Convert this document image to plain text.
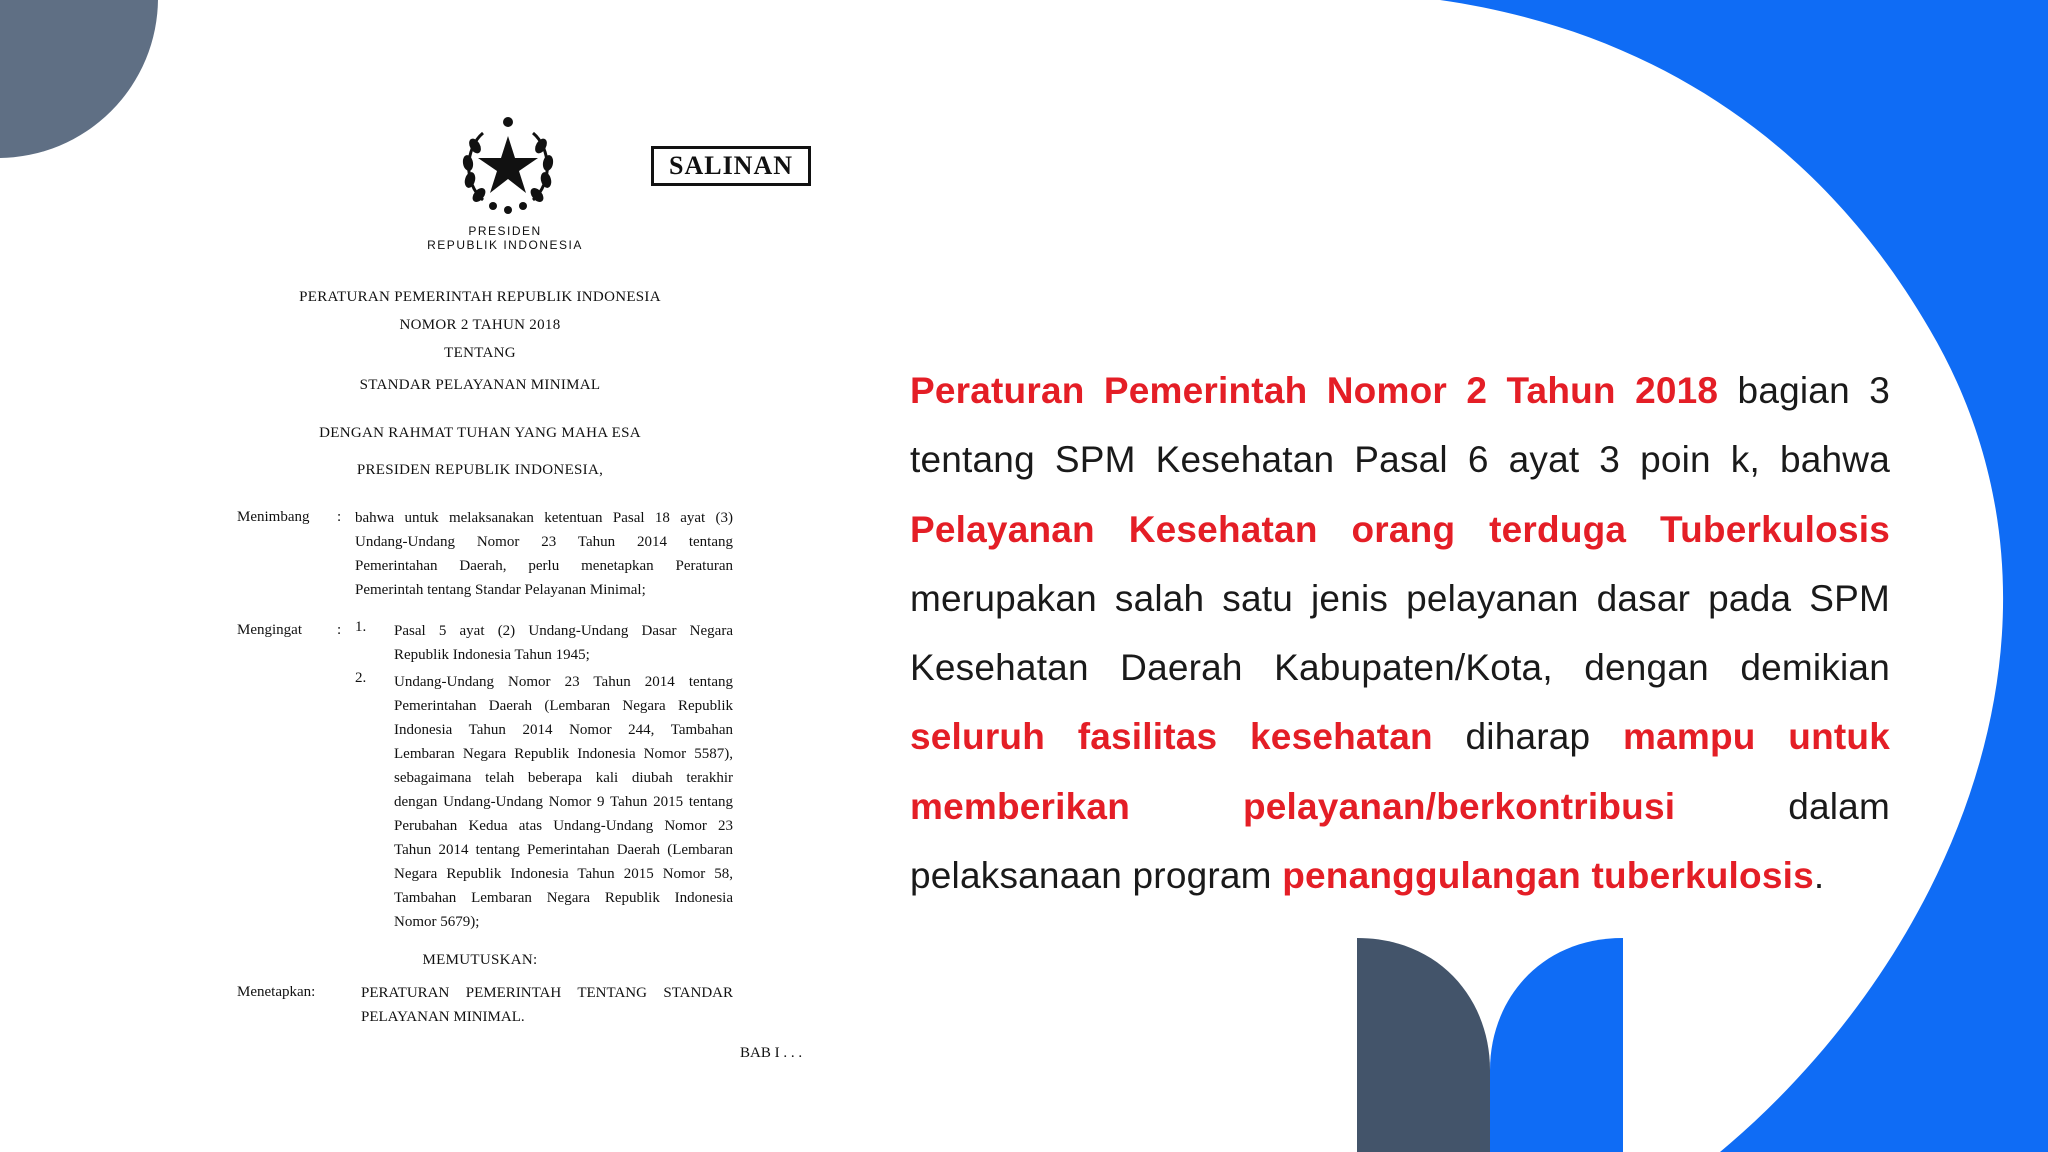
SALINAN
PRESIDEN
REPUBLIK INDONESIA
PERATURAN PEMERINTAH REPUBLIK INDONESIA
NOMOR 2 TAHUN 2018
TENTANG
STANDAR PELAYANAN MINIMAL
DENGAN RAHMAT TUHAN YANG MAHA ESA
PRESIDEN REPUBLIK INDONESIA,
Menimbang : bahwa untuk melaksanakan ketentuan Pasal 18 ayat (3)
Undang-Undang Nomor 23 Tahun 2014 tentang
Pemerintahan Daerah, perlu menetapkan Peraturan
Pemerintah tentang Standar Pelayanan Minimal;
Mengingat : 1. Pasal 5 ayat (2) Undang-Undang Dasar Negara
Republik Indonesia Tahun 1945;
2. Undang-Undang Nomor 23 Tahun 2014 tentang
Pemerintahan Daerah (Lembaran Negara Republik
Indonesia Tahun 2014 Nomor 244, Tambahan
Lembaran Negara Republik Indonesia Nomor 5587),
sebagaimana telah beberapa kali diubah terakhir
dengan Undang-Undang Nomor 9 Tahun 2015 tentang
Perubahan Kedua atas Undang-Undang Nomor 23
Tahun 2014 tentang Pemerintahan Daerah (Lembaran
Negara Republik Indonesia Tahun 2015 Nomor 58,
Tambahan Lembaran Negara Republik Indonesia
Nomor 5679);
MEMUTUSKAN:
Menetapkan:	PERATURAN PEMERINTAH TENTANG STANDAR
PELAYANAN MINIMAL.
BAB I . . .
Peraturan Pemerintah Nomor 2 Tahun 2018 bagian 3 tentang SPM Kesehatan Pasal 6 ayat 3 poin k, bahwa Pelayanan Kesehatan orang terduga Tuberkulosis merupakan salah satu jenis pelayanan dasar pada SPM Kesehatan Daerah Kabupaten/Kota, dengan demikian seluruh fasilitas kesehatan diharap mampu untuk memberikan pelayanan/berkontribusi dalam pelaksanaan program penanggulangan tuberkulosis.
